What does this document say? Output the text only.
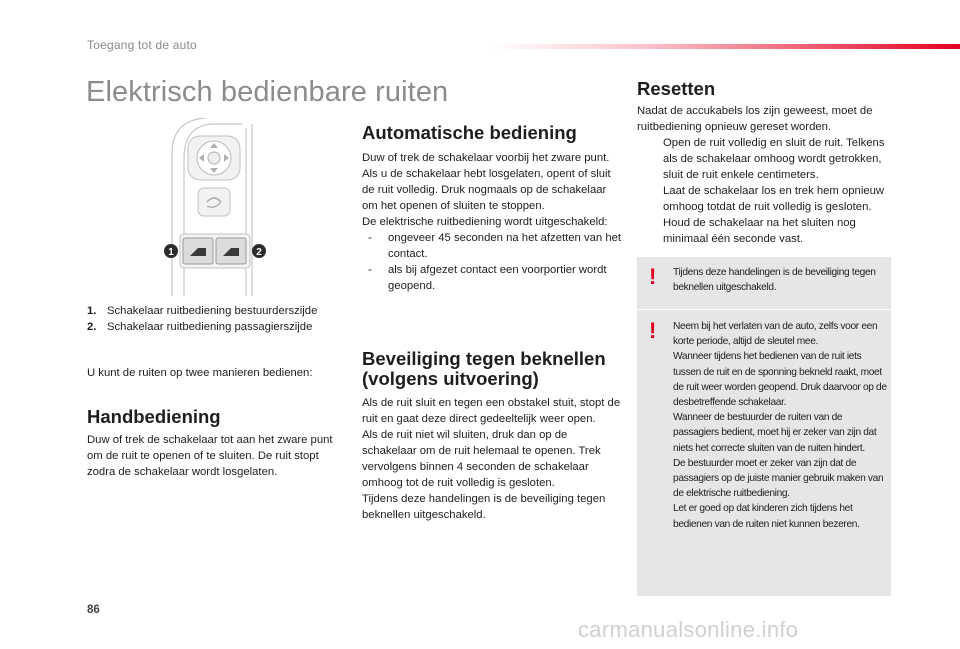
Toegang tot de auto
Elektrisch bedienbare ruiten
1	2
1. Schakelaar ruitbediening bestuurderszijde
2. Schakelaar ruitbediening passagierszijde
U kunt de ruiten op twee manieren bedienen:
Handbediening
Duw of trek de schakelaar tot aan het zware punt om de ruit te openen of te sluiten. De ruit stopt zodra de schakelaar wordt losgelaten.
Automatische bediening
Duw of trek de schakelaar voorbij het zware punt. Als u de schakelaar hebt losgelaten, opent of sluit de ruit volledig. Druk nogmaals op de schakelaar om het openen of sluiten te stoppen.
De elektrische ruitbediening wordt uitgeschakeld:
-	ongeveer 45 seconden na het afzetten van het contact.
-	als bij afgezet contact een voorportier wordt geopend.
Beveiliging tegen beknellen (volgens uitvoering)
Als de ruit sluit en tegen een obstakel stuit, stopt de ruit en gaat deze direct gedeeltelijk weer open.
Als de ruit niet wil sluiten, druk dan op de schakelaar om de ruit helemaal te openen. Trek vervolgens binnen 4 seconden de schakelaar omhoog tot de ruit volledig is gesloten.
Tijdens deze handelingen is de beveiliging tegen beknellen uitgeschakeld.
Resetten
Nadat de accukabels los zijn geweest, moet de ruitbediening opnieuw gereset worden.
Open de ruit volledig en sluit de ruit. Telkens als de schakelaar omhoog wordt getrokken, sluit de ruit enkele centimeters.
Laat de schakelaar los en trek hem opnieuw omhoog totdat de ruit volledig is gesloten.
Houd de schakelaar na het sluiten nog minimaal één seconde vast.
! Tijdens deze handelingen is de beveiliging tegen beknellen uitgeschakeld.
! Neem bij het verlaten van de auto, zelfs voor een korte periode, altijd de sleutel mee.
Wanneer tijdens het bedienen van de ruit iets tussen de ruit en de sponning bekneld raakt, moet de ruit weer worden geopend. Druk daarvoor op de desbetreffende schakelaar.
Wanneer de bestuurder de ruiten van de passagiers bedient, moet hij er zeker van zijn dat niets het correcte sluiten van de ruiten hindert.
De bestuurder moet er zeker van zijn dat de passagiers op de juiste manier gebruik maken van de elektrische ruitbediening.
Let er goed op dat kinderen zich tijdens het bedienen van de ruiten niet kunnen bezeren.
86
carmanualsonline.info
